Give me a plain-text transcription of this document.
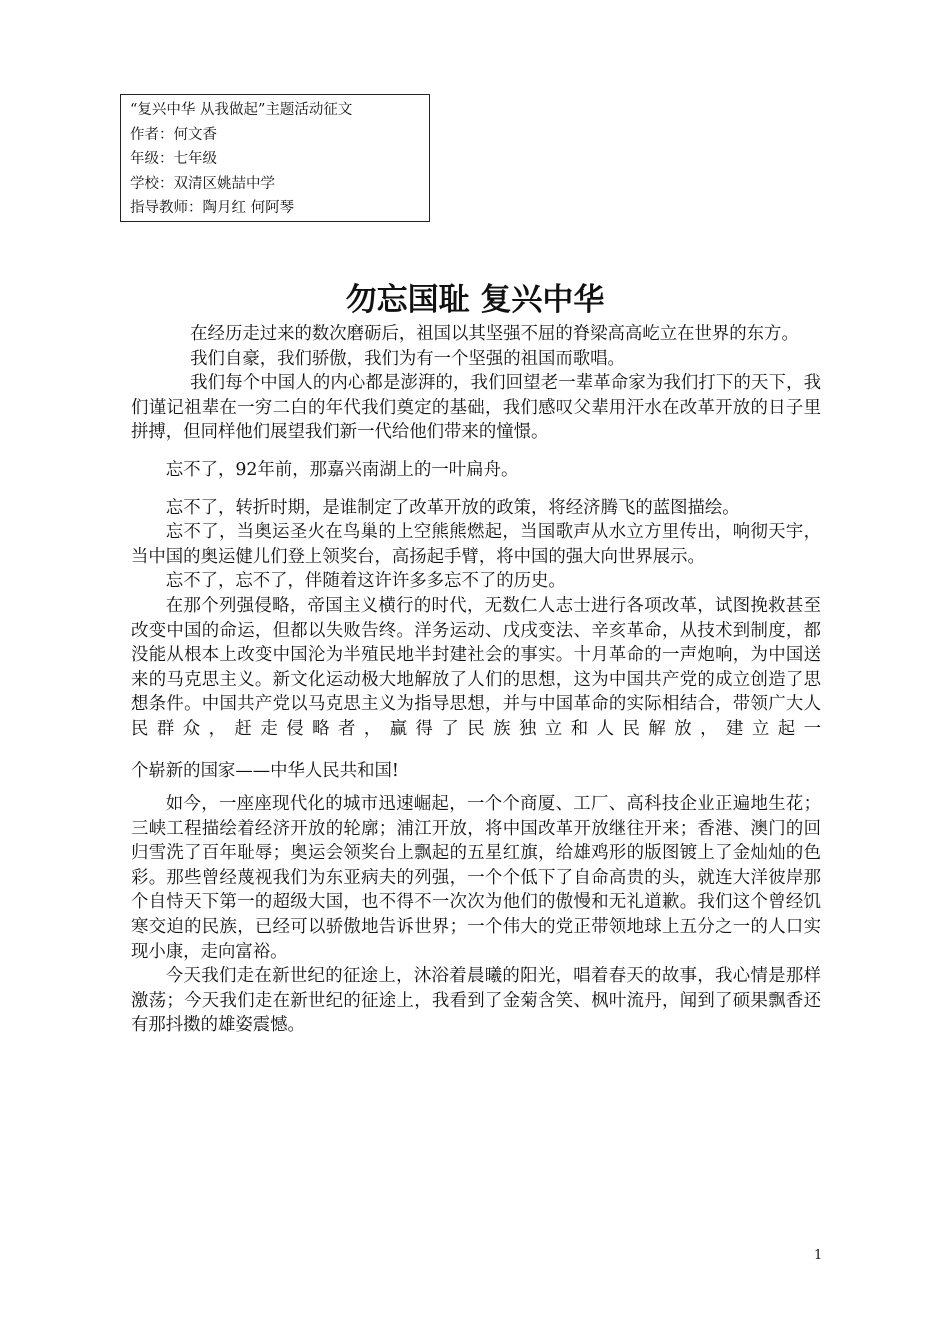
“复兴中华 从我做起”主题活动征文
作者：何文香
年级：七年级
学校：双清区姚喆中学
指导教师：陶月红 何阿琴
勿忘国耻 复兴中华

在经历走过来的数次磨砺后，祖国以其坚强不屈的脊梁高高屹立在世界的东方。

我们自豪，我们骄傲，我们为有一个坚强的祖国而歌唱。

我们每个中国人的内心都是澎湃的，我们回望老一辈革命家为我们打下的天下，我们谨记祖辈在一穷二白的年代我们奠定的基础，我们感叹父辈用汗水在改革开放的日子里拼搏，但同样他们展望我们新一代给他们带来的憧憬。

忘不了，92年前，那嘉兴南湖上的一叶扁舟。

忘不了，转折时期，是谁制定了改革开放的政策，将经济腾飞的蓝图描绘。

忘不了，当奥运圣火在鸟巢的上空熊熊燃起，当国歌声从水立方里传出，响彻天宇，当中国的奥运健儿们登上领奖台，高扬起手臂，将中国的强大向世界展示。

忘不了，忘不了，伴随着这许许多多忘不了的历史。

在那个列强侵略，帝国主义横行的时代，无数仁人志士进行各项改革，试图挽救甚至改变中国的命运，但都以失败告终。洋务运动、戊戌变法、辛亥革命，从技术到制度，都没能从根本上改变中国沦为半殖民地半封建社会的事实。十月革命的一声炮响，为中国送来的马克思主义。新文化运动极大地解放了人们的思想，这为中国共产党的成立创造了思想条件。中国共产党以马克思主义为指导思想，并与中国革命的实际相结合，带领广大人民群众，赶走侵略者，赢得了民族独立和人民解放，建立起一

个崭新的国家——中华人民共和国!

如今，一座座现代化的城市迅速崛起，一个个商厦、工厂、高科技企业正遍地生花；三峡工程描绘着经济开放的轮廓；浦江开放，将中国改革开放继往开来；香港、澳门的回归雪洗了百年耻辱；奥运会领奖台上飘起的五星红旗，给雄鸡形的版图镀上了金灿灿的色彩。那些曾经蔑视我们为东亚病夫的列强，一个个低下了自命高贵的头，就连大洋彼岸那个自恃天下第一的超级大国，也不得不一次次为他们的傲慢和无礼道歉。我们这个曾经饥寒交迫的民族，已经可以骄傲地告诉世界；一个伟大的党正带领地球上五分之一的人口实现小康，走向富裕。

今天我们走在新世纪的征途上，沐浴着晨曦的阳光，唱着春天的故事，我心情是那样激荡；今天我们走在新世纪的征途上，我看到了金菊含笑、枫叶流丹，闻到了硕果飘香还有那抖擞的雄姿震憾。

1
